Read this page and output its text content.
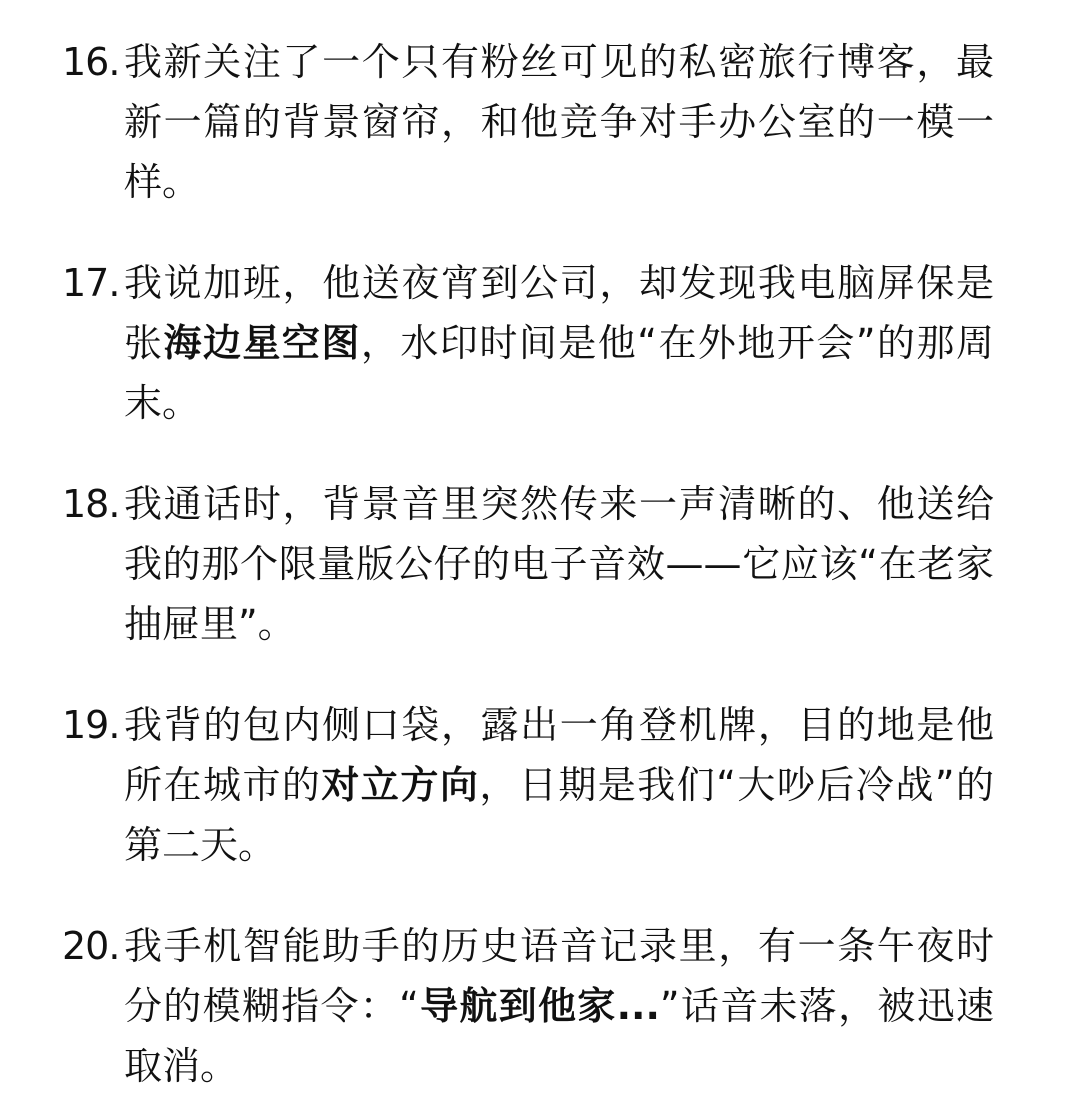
16. 我新关注了一个只有粉丝可见的私密旅行博客，最新一篇的背景窗帘，和他竞争对手办公室的一模一样。
17. 我说加班，他送夜宵到公司，却发现我电脑屏保是张海边星空图，水印时间是他“在外地开会”的那周末。
18. 我通话时，背景音里突然传来一声清晰的、他送给我的那个限量版公仔的电子音效——它应该“在老家抽屉里”。
19. 我背的包内侧口袋，露出一角登机牌，目的地是他所在城市的对立方向，日期是我们“大吵后冷战”的第二天。
20. 我手机智能助手的历史语音记录里，有一条午夜时分的模糊指令：“导航到他家...”话音未落，被迅速取消。
